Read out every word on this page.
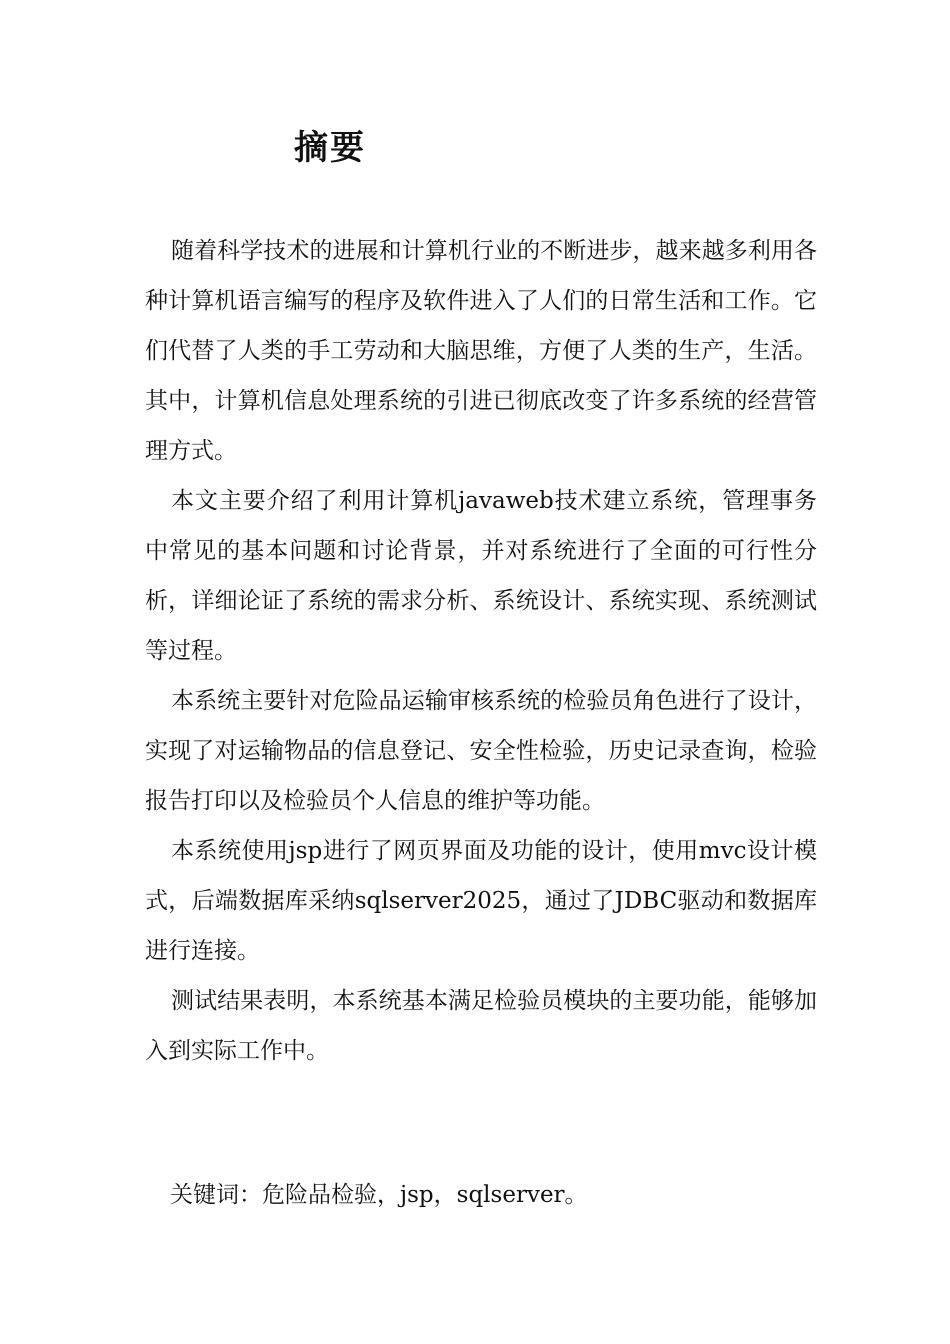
摘要

随着科学技术的进展和计算机行业的不断进步，越来越多利用各种计算机语言编写的程序及软件进入了人们的日常生活和工作。它们代替了人类的手工劳动和大脑思维，方便了人类的生产，生活。其中，计算机信息处理系统的引进已彻底改变了许多系统的经营管理方式。

本文主要介绍了利用计算机javaweb技术建立系统，管理事务中常见的基本问题和讨论背景，并对系统进行了全面的可行性分析，详细论证了系统的需求分析、系统设计、系统实现、系统测试等过程。

本系统主要针对危险品运输审核系统的检验员角色进行了设计，实现了对运输物品的信息登记、安全性检验，历史记录查询，检验报告打印以及检验员个人信息的维护等功能。

本系统使用jsp进行了网页界面及功能的设计，使用mvc设计模式，后端数据库采纳sqlserver2025，通过了JDBC驱动和数据库进行连接。

测试结果表明，本系统基本满足检验员模块的主要功能，能够加入到实际工作中。

关键词：危险品检验，jsp，sqlserver。
